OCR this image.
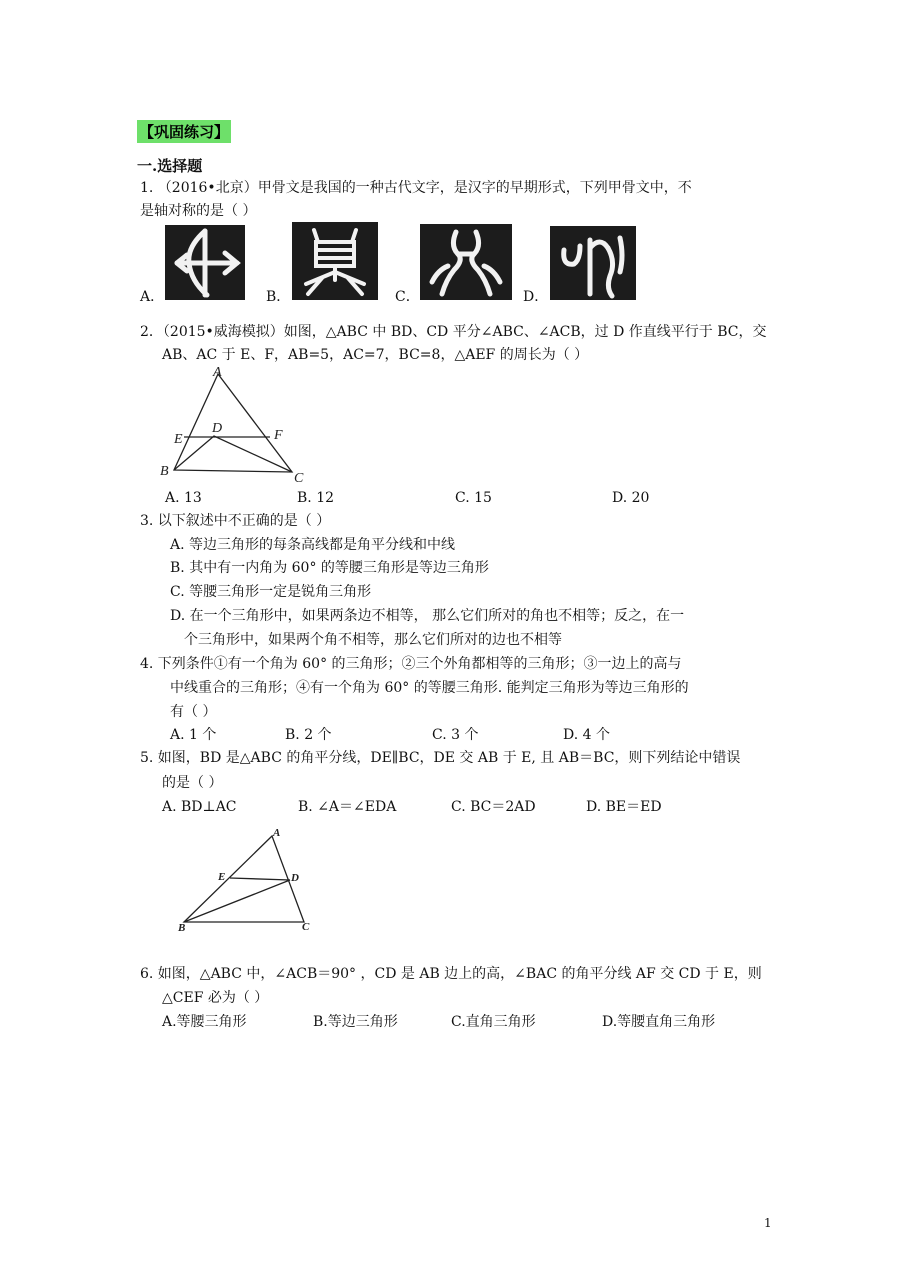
【巩固练习】
一.选择题
1. （2016•北京）甲骨文是我国的一种古代文字，是汉字的早期形式，下列甲骨文中，不
是轴对称的是（ ）
A．	B．	C．	D．
2．（2015•威海模拟）如图，△ABC 中 BD、CD 平分∠ABC、∠ACB，过 D 作直线平行于 BC，交
AB、AC 于 E、F，AB=5，AC=7，BC=8，△AEF 的周长为（ ）
A
B	C
D
E	F
A. 13	B. 12	C. 15	D. 20
3. 以下叙述中不正确的是（ ）
A. 等边三角形的每条高线都是角平分线和中线
B. 其中有一内角为 60° 的等腰三角形是等边三角形
C. 等腰三角形一定是锐角三角形
D. 在一个三角形中，如果两条边不相等， 那么它们所对的角也不相等；反之，在一
个三角形中，如果两个角不相等，那么它们所对的边也不相等
4. 下列条件①有一个角为 60° 的三角形；②三个外角都相等的三角形；③一边上的高与
中线重合的三角形；④有一个角为 60° 的等腰三角形. 能判定三角形为等边三角形的
有（ ）
A. 1 个	B. 2 个	C. 3 个	D. 4 个
5. 如图，BD 是△ABC 的角平分线，DE∥BC，DE 交 AB 于 E, 且 AB＝BC，则下列结论中错误
的是（ ）
A. BD⊥AC	B. ∠A＝∠EDA	C. BC＝2AD	D. BE＝ED
A
B	C
D
E
6. 如图，△ABC 中，∠ACB＝90° ，CD 是 AB 边上的高，∠BAC 的角平分线 AF 交 CD 于 E，则
△CEF 必为（ ）
A.等腰三角形	B.等边三角形	C.直角三角形	D.等腰直角三角形
1
